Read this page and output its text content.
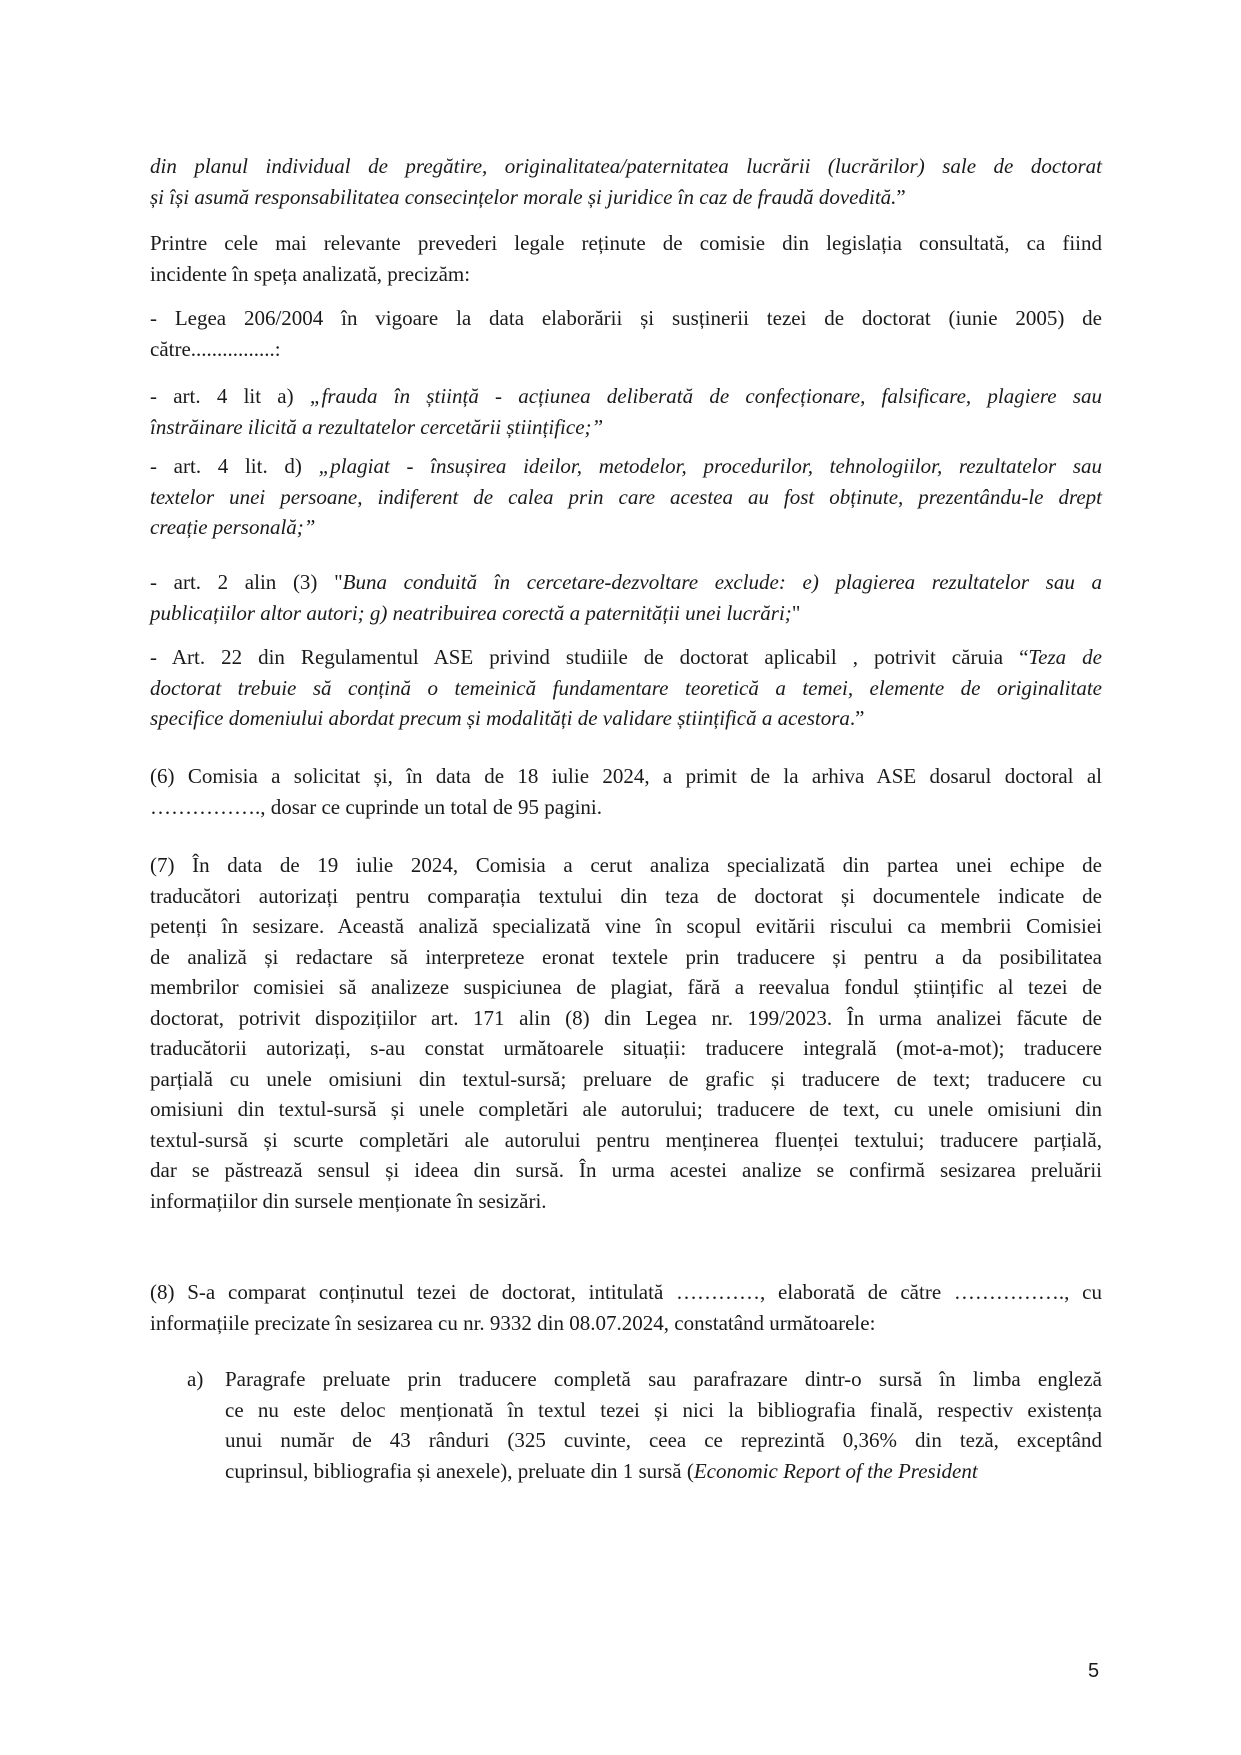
din planul individual de pregătire, originalitatea/paternitatea lucrării (lucrărilor) sale de doctorat
și își asumă responsabilitatea consecințelor morale și juridice în caz de fraudă dovedită.”
Printre cele mai relevante prevederi legale reținute de comisie din legislația consultată, ca fiind
incidente în speța analizată, precizăm:
- Legea 206/2004 în vigoare la data elaborării și susținerii tezei de doctorat (iunie 2005) de
către................:
- art. 4 lit a) „frauda în știință - acțiunea deliberată de confecționare, falsificare, plagiere sau
înstrăinare ilicită a rezultatelor cercetării științifice;”
- art. 4 lit. d) „plagiat - însușirea ideilor, metodelor, procedurilor, tehnologiilor, rezultatelor sau
textelor unei persoane, indiferent de calea prin care acestea au fost obținute, prezentându-le drept
creație personală;”
- art. 2 alin (3) "Buna conduită în cercetare-dezvoltare exclude: e) plagierea rezultatelor sau a
publicațiilor altor autori; g) neatribuirea corectă a paternității unei lucrări;"
- Art. 22 din Regulamentul ASE privind studiile de doctorat aplicabil , potrivit căruia “Teza de
doctorat trebuie să conțină o temeinică fundamentare teoretică a temei, elemente de originalitate
specifice domeniului abordat precum și modalități de validare științifică a acestora.”
(6) Comisia a solicitat și, în data de 18 iulie 2024, a primit de la arhiva ASE dosarul doctoral al
……………., dosar ce cuprinde un total de 95 pagini.
(7) În data de 19 iulie 2024, Comisia a cerut analiza specializată din partea unei echipe de
traducători autorizați pentru comparația textului din teza de doctorat și documentele indicate de
petenți în sesizare. Această analiză specializată vine în scopul evitării riscului ca membrii Comisiei
de analiză și redactare să interpreteze eronat textele prin traducere și pentru a da posibilitatea
membrilor comisiei să analizeze suspiciunea de plagiat, fără a reevalua fondul științific al tezei de
doctorat, potrivit dispozițiilor art. 171 alin (8) din Legea nr. 199/2023. În urma analizei făcute de
traducătorii autorizați, s-au constat următoarele situații: traducere integrală (mot-a-mot); traducere
parțială cu unele omisiuni din textul-sursă; preluare de grafic și traducere de text; traducere cu
omisiuni din textul-sursă și unele completări ale autorului; traducere de text, cu unele omisiuni din
textul-sursă și scurte completări ale autorului pentru menținerea fluenței textului; traducere parțială,
dar se păstrează sensul și ideea din sursă. În urma acestei analize se confirmă sesizarea preluării
informațiilor din sursele menționate în sesizări.
(8) S-a comparat conținutul tezei de doctorat, intitulată …………, elaborată de către ……………., cu
informațiile precizate în sesizarea cu nr. 9332 din 08.07.2024, constatând următoarele:
a) Paragrafe preluate prin traducere completă sau parafrazare dintr-o sursă în limba engleză
ce nu este deloc menționată în textul tezei și nici la bibliografia finală, respectiv existența
unui număr de 43 rânduri (325 cuvinte, ceea ce reprezintă 0,36% din teză, exceptând
cuprinsul, bibliografia și anexele), preluate din 1 sursă (Economic Report of the President
5
